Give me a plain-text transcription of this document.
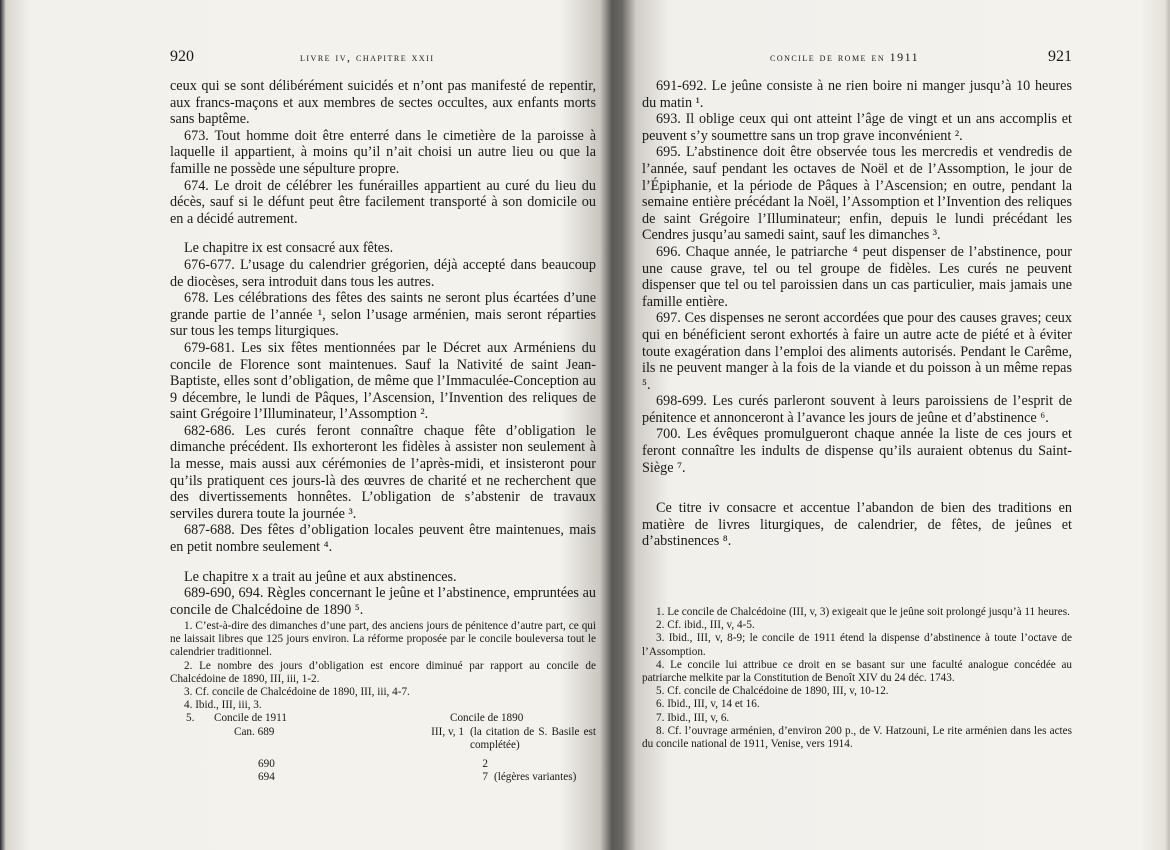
920	livre iv, chapitre xxii

ceux qui se sont délibérément suicidés et n’ont pas manifesté de repentir, aux francs-maçons et aux membres de sectes occultes, aux enfants morts sans baptême.

673. Tout homme doit être enterré dans le cimetière de la paroisse à laquelle il appartient, à moins qu’il n’ait choisi un autre lieu ou que la famille ne possède une sépulture propre.

674. Le droit de célébrer les funérailles appartient au curé du lieu du décès, sauf si le défunt peut être facilement transporté à son domicile ou en a décidé autrement.

Le chapitre ix est consacré aux fêtes.

676-677. L’usage du calendrier grégorien, déjà accepté dans beaucoup de diocèses, sera introduit dans tous les autres.

678. Les célébrations des fêtes des saints ne seront plus écartées d’une grande partie de l’année ¹, selon l’usage arménien, mais seront réparties sur tous les temps liturgiques.

679-681. Les six fêtes mentionnées par le Décret aux Arméniens du concile de Florence sont maintenues. Sauf la Nativité de saint Jean-Baptiste, elles sont d’obligation, de même que l’Immaculée-Conception au 9 décembre, le lundi de Pâques, l’Ascension, l’Invention des reliques de saint Grégoire l’Illuminateur, l’Assomption ².

682-686. Les curés feront connaître chaque fête d’obligation le dimanche précédent. Ils exhorteront les fidèles à assister non seulement à la messe, mais aussi aux cérémonies de l’après-midi, et insisteront pour qu’ils pratiquent ces jours-là des œuvres de charité et ne recherchent que des divertissements honnêtes. L’obligation de s’abstenir de travaux serviles durera toute la journée ³.

687-688. Des fêtes d’obligation locales peuvent être maintenues, mais en petit nombre seulement ⁴.

Le chapitre x a trait au jeûne et aux abstinences.

689-690, 694. Règles concernant le jeûne et l’abstinence, empruntées au concile de Chalcédoine de 1890 ⁵.

1. C’est-à-dire des dimanches d’une part, des anciens jours de pénitence d’autre part, ce qui ne laissait libres que 125 jours environ. La réforme proposée par le concile bouleversa tout le calendrier traditionnel.

2. Le nombre des jours d’obligation est encore diminué par rapport au concile de Chalcédoine de 1890, III, iii, 1-2.

3. Cf. concile de Chalcédoine de 1890, III, iii, 4-7.

4. Ibid., III, iii, 3.

5.	Concile de 1911	Concile de 1890
Can. 689	III, v, 1 (la citation de S. Basile est complétée)
690	2
694	7 (légères variantes)
concile de rome en 1911	921

691-692. Le jeûne consiste à ne rien boire ni manger jusqu’à 10 heures du matin ¹.

693. Il oblige ceux qui ont atteint l’âge de vingt et un ans accomplis et peuvent s’y soumettre sans un trop grave inconvénient ².

695. L’abstinence doit être observée tous les mercredis et vendredis de l’année, sauf pendant les octaves de Noël et de l’Assomption, le jour de l’Épiphanie, et la période de Pâques à l’Ascension; en outre, pendant la semaine entière précédant la Noël, l’Assomption et l’Invention des reliques de saint Grégoire l’Illuminateur; enfin, depuis le lundi précédant les Cendres jusqu’au samedi saint, sauf les dimanches ³.

696. Chaque année, le patriarche ⁴ peut dispenser de l’abstinence, pour une cause grave, tel ou tel groupe de fidèles. Les curés ne peuvent dispenser que tel ou tel paroissien dans un cas particulier, mais jamais une famille entière.

697. Ces dispenses ne seront accordées que pour des causes graves; ceux qui en bénéficient seront exhortés à faire un autre acte de piété et à éviter toute exagération dans l’emploi des aliments autorisés. Pendant le Carême, ils ne peuvent manger à la fois de la viande et du poisson à un même repas ⁵.

698-699. Les curés parleront souvent à leurs paroissiens de l’esprit de pénitence et annonceront à l’avance les jours de jeûne et d’abstinence ⁶.

700. Les évêques promulgueront chaque année la liste de ces jours et feront connaître les indults de dispense qu’ils auraient obtenus du Saint-Siège ⁷.

Ce titre iv consacre et accentue l’abandon de bien des traditions en matière de livres liturgiques, de calendrier, de fêtes, de jeûnes et d’abstinences ⁸.

1. Le concile de Chalcédoine (III, v, 3) exigeait que le jeûne soit prolongé jusqu’à 11 heures.

2. Cf. ibid., III, v, 4-5.

3. Ibid., III, v, 8-9; le concile de 1911 étend la dispense d’abstinence à toute l’octave de l’Assomption.

4. Le concile lui attribue ce droit en se basant sur une faculté analogue concédée au patriarche melkite par la Constitution de Benoît XIV du 24 déc. 1743.

5. Cf. concile de Chalcédoine de 1890, III, v, 10-12.

6. Ibid., III, v, 14 et 16.

7. Ibid., III, v, 6.

8. Cf. l’ouvrage arménien, d’environ 200 p., de V. Hatzouni, Le rite arménien dans les actes du concile national de 1911, Venise, vers 1914.
